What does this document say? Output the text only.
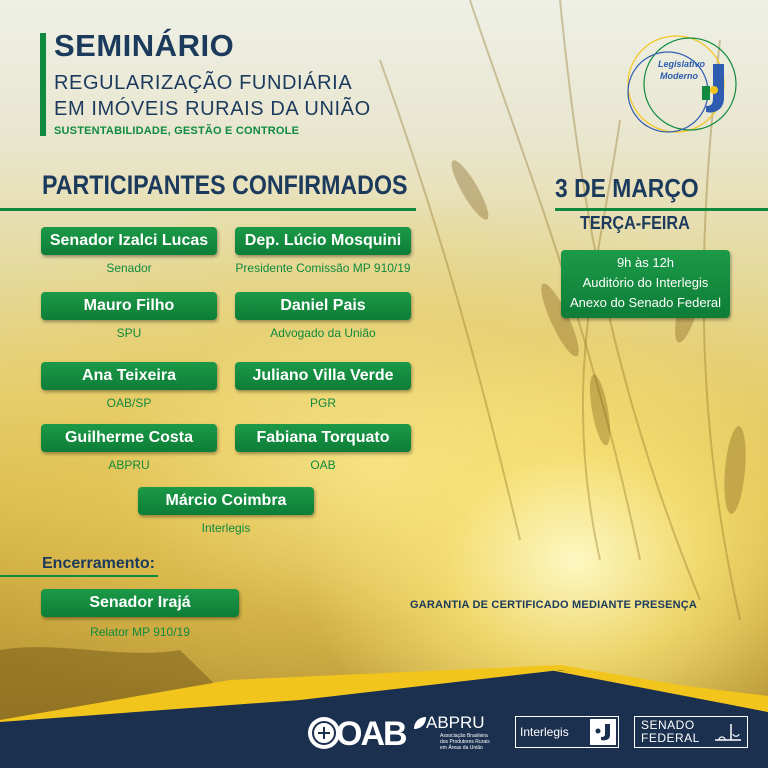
SEMINÁRIO
REGULARIZAÇÃO FUNDIÁRIA
EM IMÓVEIS RURAIS DA UNIÃO
SUSTENTABILIDADE, GESTÃO E CONTROLE
Legislativo
Moderno
PARTICIPANTES CONFIRMADOS	3 DE MARÇO
TERÇA-FEIRA
9h às 12h
Auditório do Interlegis
Anexo do Senado Federal
Senador Izalci Lucas
Senador
Dep. Lúcio Mosquini
Presidente Comissão MP 910/19
Mauro Filho
SPU
Daniel Pais
Advogado da União
Ana Teixeira
OAB/SP
Juliano Villa Verde
PGR
Guilherme Costa
ABPRU
Fabiana Torquato
OAB
Márcio Coimbra
Interlegis
Encerramento:
Senador Irajá
Relator MP 910/19
GARANTIA DE CERTIFICADO MEDIANTE PRESENÇA
OAB ABPRU
Associação Brasileira
dos Produtores Rurais
em Áreas da União
Interlegis	SENADO
FEDERAL
